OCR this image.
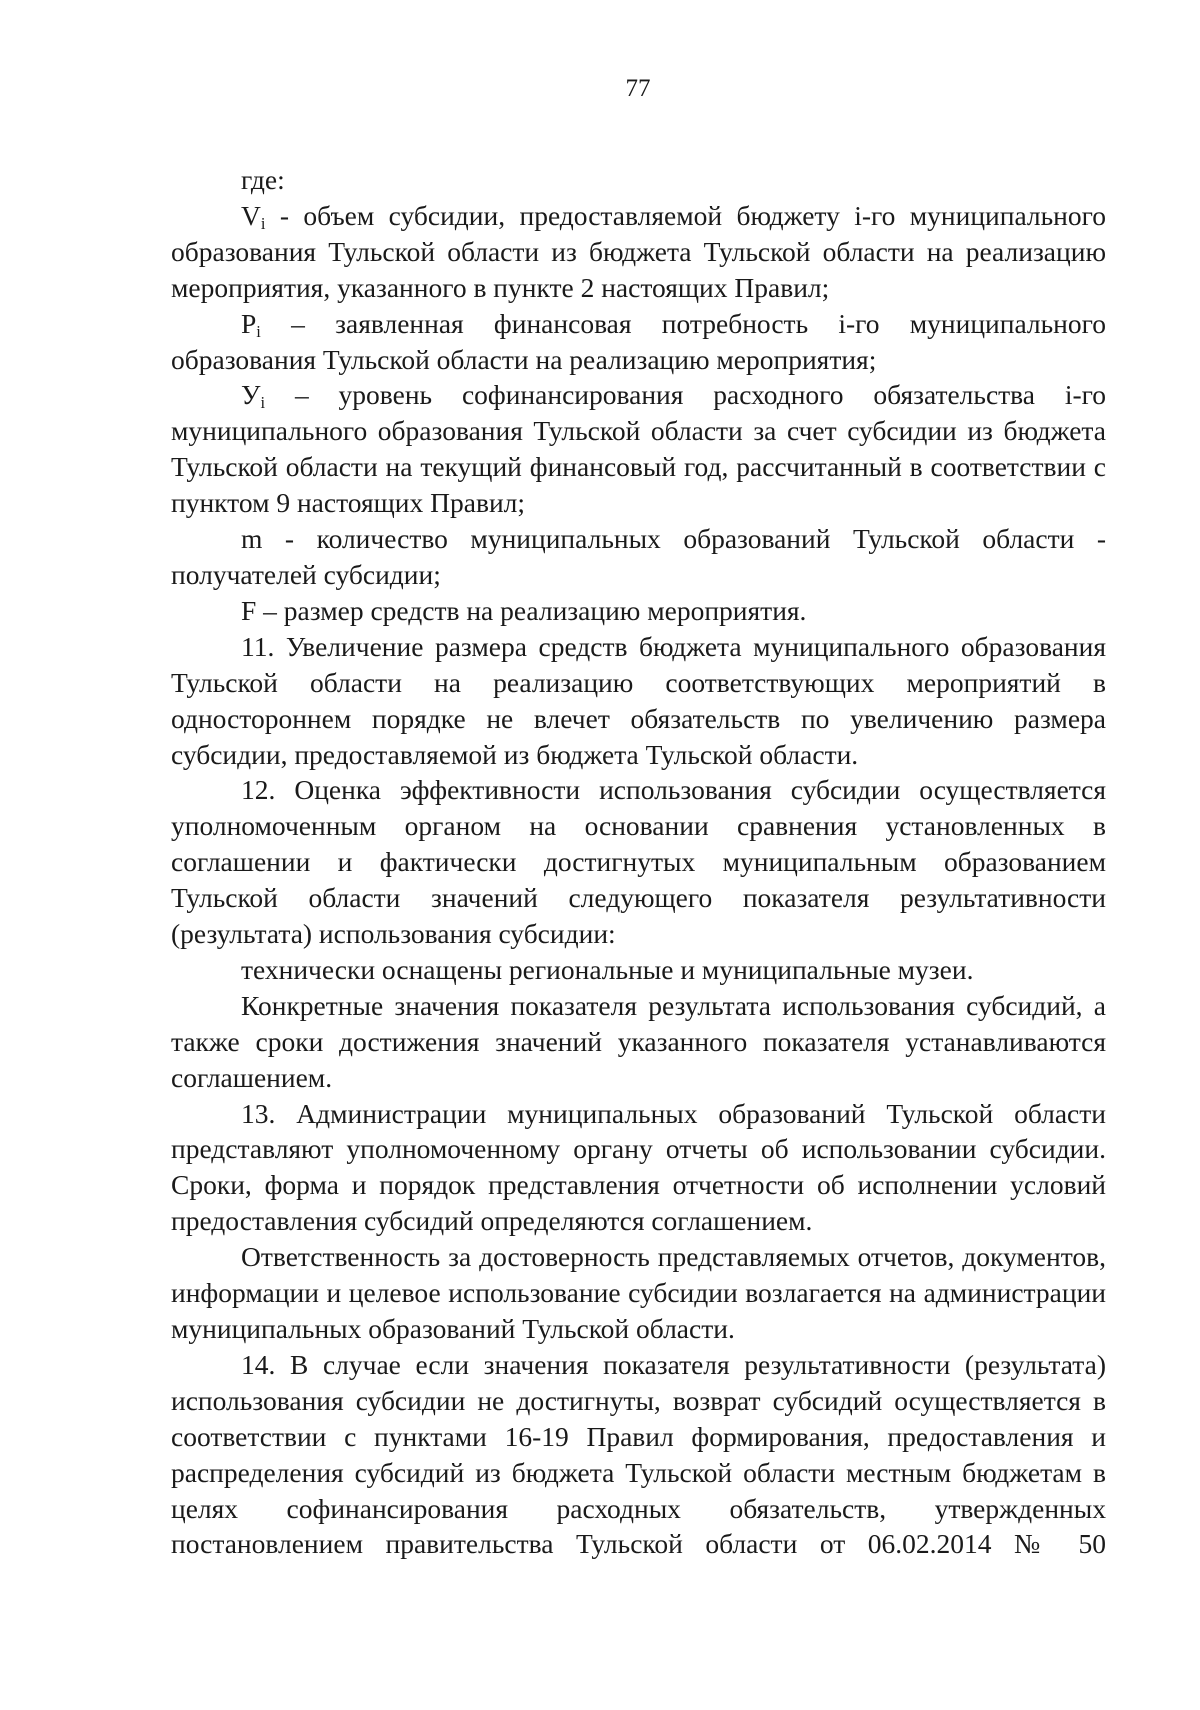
77

где:

$V_i$ - объем субсидии, предоставляемой бюджету i-го муниципального образования Тульской области из бюджета Тульской области на реализацию мероприятия, указанного в пункте 2 настоящих Правил;

$P_i$ – заявленная финансовая потребность i-го муниципального образования Тульской области на реализацию мероприятия;

$У_i$ – уровень софинансирования расходного обязательства i-го муниципального образования Тульской области за счет субсидии из бюджета Тульской области на текущий финансовый год, рассчитанный в соответствии с пунктом 9 настоящих Правил;

m - количество муниципальных образований Тульской области - получателей субсидии;

F – размер средств на реализацию мероприятия.

11. Увеличение размера средств бюджета муниципального образования Тульской области на реализацию соответствующих мероприятий в одностороннем порядке не влечет обязательств по увеличению размера субсидии, предоставляемой из бюджета Тульской области.

12. Оценка эффективности использования субсидии осуществляется уполномоченным органом на основании сравнения установленных в соглашении и фактически достигнутых муниципальным образованием Тульской области значений следующего показателя результативности (результата) использования субсидии:

технически оснащены региональные и муниципальные музеи.

Конкретные значения показателя результата использования субсидий, а также сроки достижения значений указанного показателя устанавливаются соглашением.

13. Администрации муниципальных образований Тульской области представляют уполномоченному органу отчеты об использовании субсидии. Сроки, форма и порядок представления отчетности об исполнении условий предоставления субсидий определяются соглашением.

Ответственность за достоверность представляемых отчетов, документов, информации и целевое использование субсидии возлагается на администрации муниципальных образований Тульской области.

14. В случае если значения показателя результативности (результата) использования субсидии не достигнуты, возврат субсидий осуществляется в соответствии с пунктами 16-19 Правил формирования, предоставления и распределения субсидий из бюджета Тульской области местным бюджетам в целях софинансирования расходных обязательств, утвержденных постановлением правительства Тульской области от 06.02.2014 № 50
